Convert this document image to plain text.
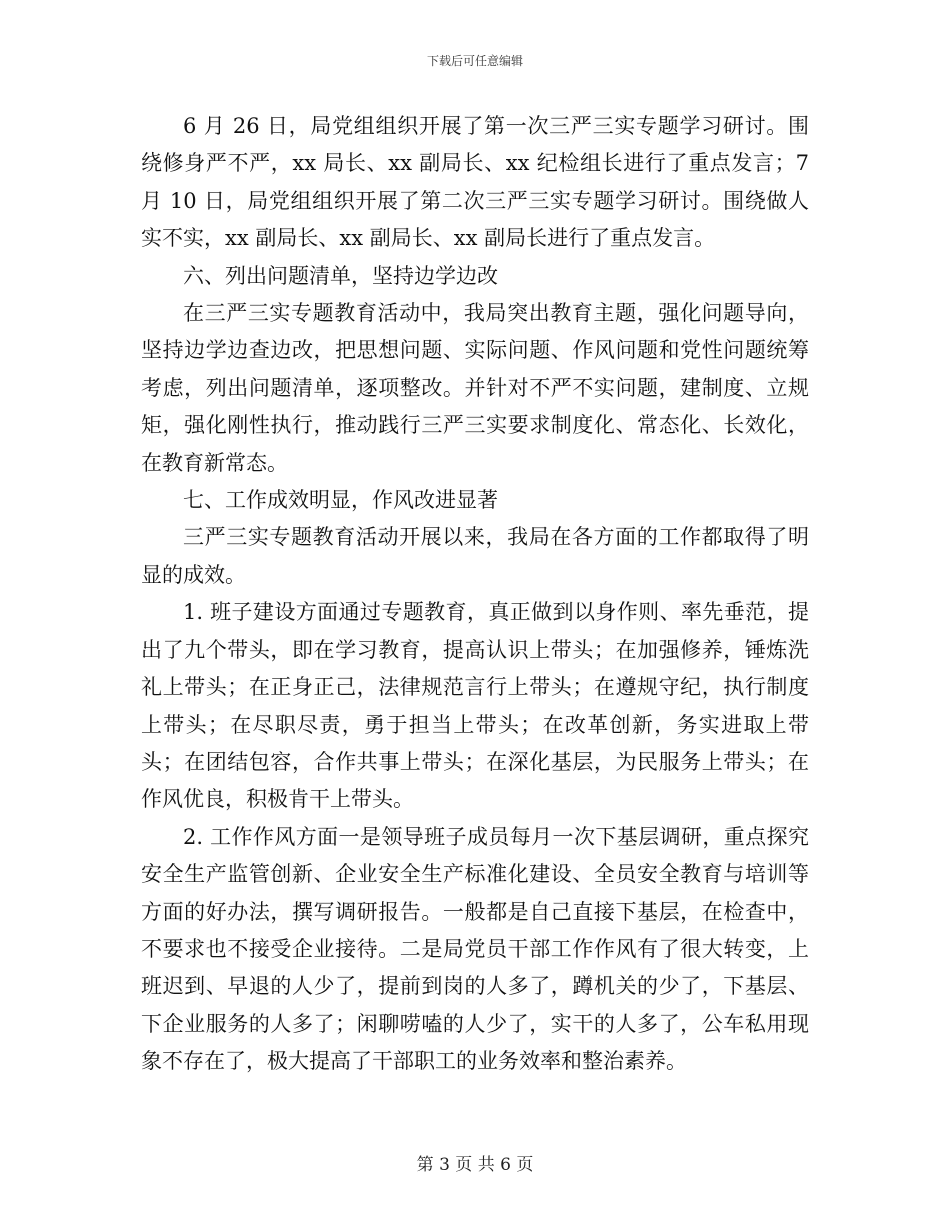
下载后可任意编辑

6 月 26 日，局党组组织开展了第一次三严三实专题学习研讨。围绕修身严不严，xx 局长、xx 副局长、xx 纪检组长进行了重点发言；7 月 10 日，局党组组织开展了第二次三严三实专题学习研讨。围绕做人实不实，xx 副局长、xx 副局长、xx 副局长进行了重点发言。

六、列出问题清单，坚持边学边改

在三严三实专题教育活动中，我局突出教育主题，强化问题导向，坚持边学边查边改，把思想问题、实际问题、作风问题和党性问题统筹考虑，列出问题清单，逐项整改。并针对不严不实问题，建制度、立规矩，强化刚性执行，推动践行三严三实要求制度化、常态化、长效化，在教育新常态。

七、工作成效明显，作风改进显著

三严三实专题教育活动开展以来，我局在各方面的工作都取得了明显的成效。

1. 班子建设方面通过专题教育，真正做到以身作则、率先垂范，提出了九个带头，即在学习教育，提高认识上带头；在加强修养，锤炼洗礼上带头；在正身正己，法律规范言行上带头；在遵规守纪，执行制度上带头；在尽职尽责，勇于担当上带头；在改革创新，务实进取上带头；在团结包容，合作共事上带头；在深化基层，为民服务上带头；在作风优良，积极肯干上带头。

2. 工作作风方面一是领导班子成员每月一次下基层调研，重点探究安全生产监管创新、企业安全生产标准化建设、全员安全教育与培训等方面的好办法，撰写调研报告。一般都是自己直接下基层，在检查中，不要求也不接受企业接待。二是局党员干部工作作风有了很大转变，上班迟到、早退的人少了，提前到岗的人多了，蹲机关的少了，下基层、下企业服务的人多了；闲聊唠嗑的人少了，实干的人多了，公车私用现象不存在了，极大提高了干部职工的业务效率和整治素养。

第 3 页 共 6 页
